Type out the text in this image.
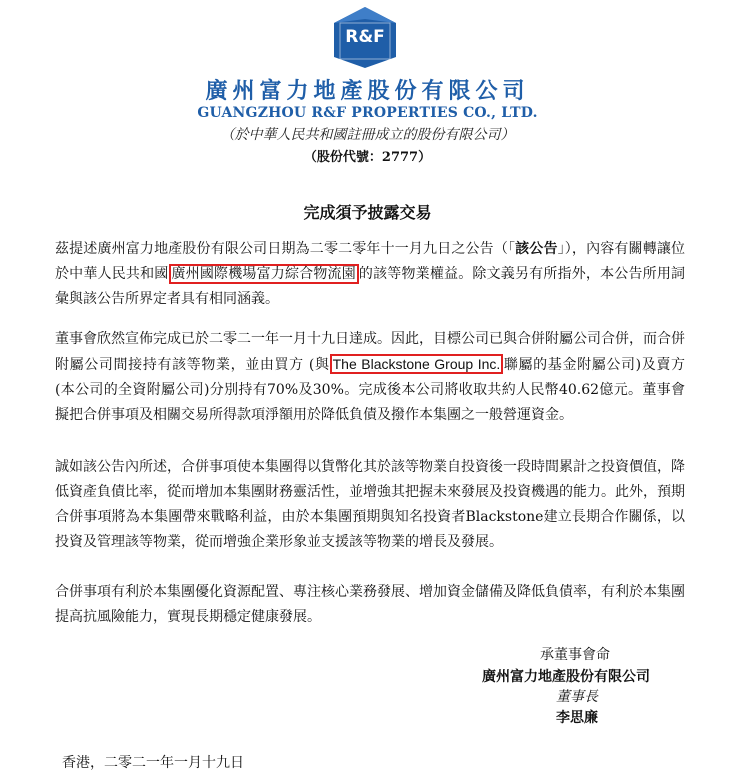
R&F
廣州富力地產股份有限公司
GUANGZHOU R&F PROPERTIES CO., LTD.
（於中華人民共和國註冊成立的股份有限公司）
（股份代號：2777）
完成須予披露交易
茲提述廣州富力地產股份有限公司日期為二零二零年十一月九日之公告（「該公告」），內容有關轉讓位於中華人民共和國 廣州國際機場富力綜合物流園 的該等物業權益。除文義另有所指外，本公告所用詞彙與該公告所界定者具有相同涵義。
董事會欣然宣佈完成已於二零二一年一月十九日達成。因此，目標公司已與合併附屬公司合併，而合併附屬公司間接持有該等物業，並由買方 (與 The Blackstone Group Inc. 聯屬的基金附屬公司)及賣方 (本公司的全資附屬公司)分別持有70%及30%。完成後本公司將收取共約人民幣40.62億元。董事會擬把合併事項及相關交易所得款項淨額用於降低負債及撥作本集團之一般營運資金。
誠如該公告內所述，合併事項使本集團得以貨幣化其於該等物業自投資後一段時間累計之投資價值，降低資產負債比率，從而增加本集團財務靈活性，並增強其把握未來發展及投資機遇的能力。此外，預期合併事項將為本集團帶來戰略利益，由於本集團預期與知名投資者Blackstone建立長期合作關係，以投資及管理該等物業，從而增強企業形象並支援該等物業的增長及發展。
合併事項有利於本集團優化資源配置、專注核心業務發展、增加資金儲備及降低負債率，有利於本集團提高抗風險能力，實現長期穩定健康發展。
承董事會命
廣州富力地產股份有限公司
董事長
李思廉
香港，二零二一年一月十九日
